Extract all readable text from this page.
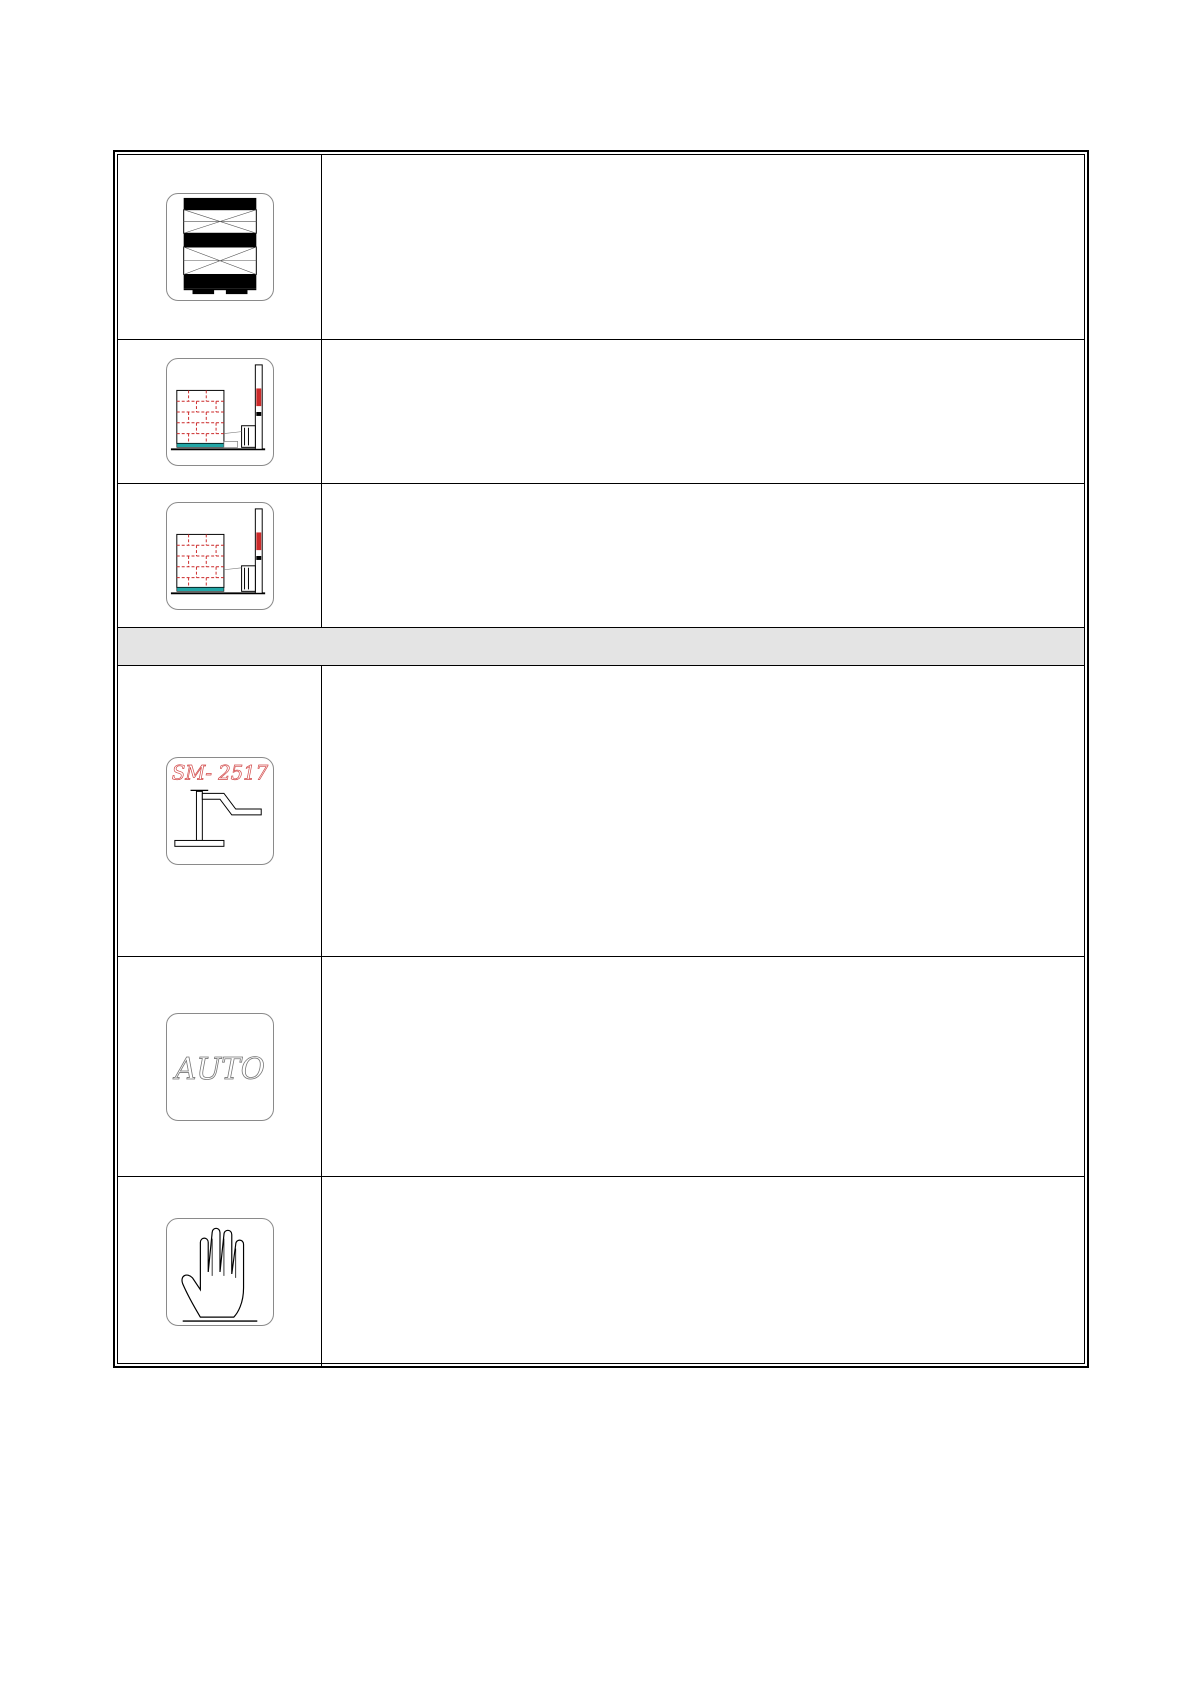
SM- 2517
AUTO
